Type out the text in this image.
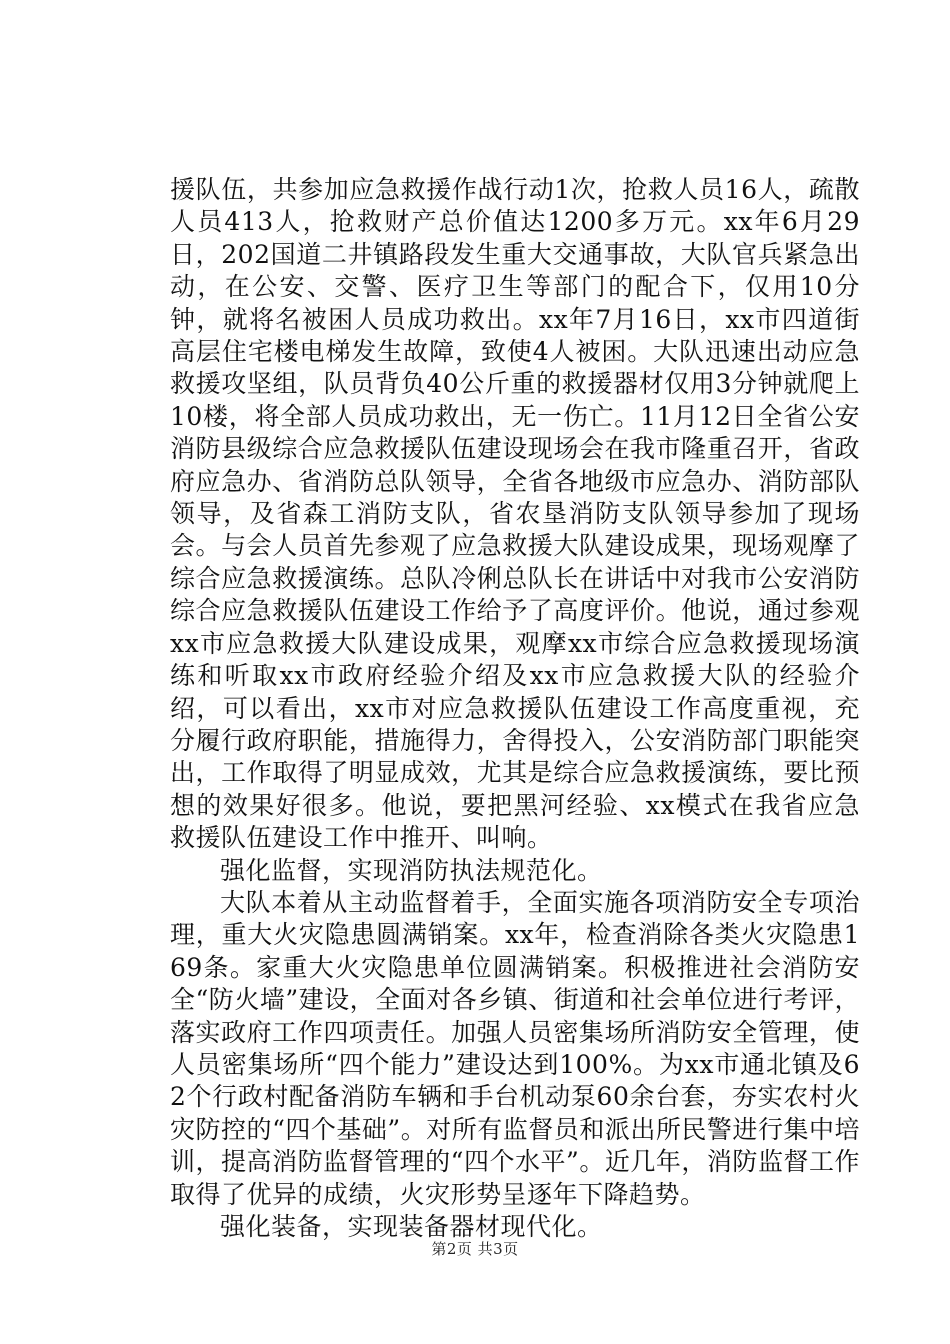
援队伍，共参加应急救援作战行动1次，抢救人员16人，疏散人员413人，抢救财产总价值达1200多万元。xx年6月29日，202国道二井镇路段发生重大交通事故，大队官兵紧急出动，在公安、交警、医疗卫生等部门的配合下，仅用10分钟，就将名被困人员成功救出。xx年7月16日，xx市四道街高层住宅楼电梯发生故障，致使4人被困。大队迅速出动应急救援攻坚组，队员背负40公斤重的救援器材仅用3分钟就爬上10楼，将全部人员成功救出，无一伤亡。11月12日全省公安消防县级综合应急救援队伍建设现场会在我市隆重召开，省政府应急办、省消防总队领导，全省各地级市应急办、消防部队领导，及省森工消防支队，省农垦消防支队领导参加了现场会。与会人员首先参观了应急救援大队建设成果，现场观摩了综合应急救援演练。总队冷俐总队长在讲话中对我市公安消防综合应急救援队伍建设工作给予了高度评价。他说，通过参观xx市应急救援大队建设成果，观摩xx市综合应急救援现场演练和听取xx市政府经验介绍及xx市应急救援大队的经验介绍，可以看出，xx市对应急救援队伍建设工作高度重视，充分履行政府职能，措施得力，舍得投入，公安消防部门职能突出，工作取得了明显成效，尤其是综合应急救援演练，要比预想的效果好很多。他说，要把黑河经验、xx模式在我省应急救援队伍建设工作中推开、叫响。

强化监督，实现消防执法规范化。

大队本着从主动监督着手，全面实施各项消防安全专项治理，重大火灾隐患圆满销案。xx年，检查消除各类火灾隐患169条。家重大火灾隐患单位圆满销案。积极推进社会消防安全“防火墙”建设，全面对各乡镇、街道和社会单位进行考评，落实政府工作四项责任。加强人员密集场所消防安全管理，使人员密集场所“四个能力”建设达到100%。为xx市通北镇及62个行政村配备消防车辆和手台机动泵60余台套，夯实农村火灾防控的“四个基础”。对所有监督员和派出所民警进行集中培训，提高消防监督管理的“四个水平”。近几年，消防监督工作取得了优异的成绩，火灾形势呈逐年下降趋势。

强化装备，实现装备器材现代化。

第2页 共3页
